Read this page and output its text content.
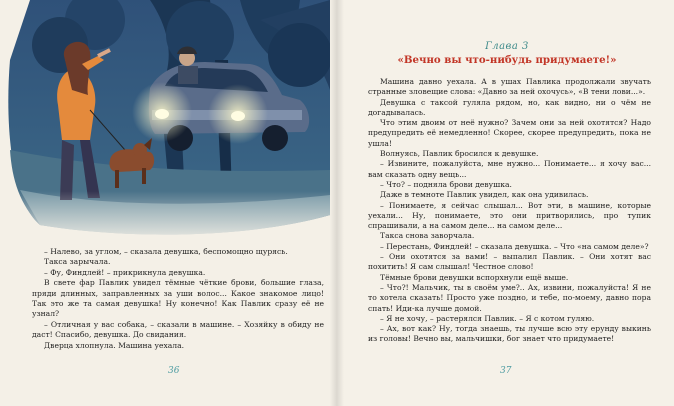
– Налево, за углом, – сказала девушка, беспомощно щурясь.

Такса зарычала.

– Фу, Финдлей! – прикрикнула девушка.

В свете фар Павлик увидел тёмные чёткие брови, большие глаза, пряди длинных, заправленных за уши волос... Какое знакомое лицо! Так это же та самая девушка! Ну конечно! Как Павлик сразу её не узнал?

– Отличная у вас собака, – сказали в машине. – Хозяйку в обиду не даст! Спасибо, девушка. До свидания.

Дверца хлопнула. Машина уехала.

36
Глава 3
«Вечно вы что-нибудь придумаете!»

Машина давно уехала. А в ушах Павлика продолжали звучать странные зловещие слова: «Давно за ней охочусь», «В тени лови...».

Девушка с таксой гуляла рядом, но, как видно, ни о чём не догадывалась.

Что этим двоим от неё нужно? Зачем они за ней охотятся? Надо предупредить её немедленно! Скорее, скорее предупредить, пока не ушла!

Волнуясь, Павлик бросился к девушке.

– Извините, пожалуйста, мне нужно... Понимаете... я хочу вас... вам сказать одну вещь...

– Что? – подняла брови девушка.

Даже в темноте Павлик увидел, как она удивилась.

– Понимаете, я сейчас слышал... Вот эти, в машине, которые уехали... Ну, понимаете, это они притворялись, про тупик спрашивали, а на самом деле... на самом деле...

Такса снова заворчала.

– Перестань, Финдлей! – сказала девушка. – Что «на самом деле»?

– Они охотятся за вами! – выпалил Павлик. – Они хотят вас похитить! Я сам слышал! Честное слово!

Тёмные брови девушки вспорхнули ещё выше.

– Что?! Мальчик, ты в своём уме?.. Ах, извини, пожалуйста! Я не то хотела сказать! Просто уже поздно, и тебе, по-моему, давно пора спать! Иди-ка лучше домой.

– Я не хочу, – растерялся Павлик. – Я с котом гуляю.

– Ах, вот как? Ну, тогда знаешь, ты лучше всю эту ерунду выкинь из головы! Вечно вы, мальчишки, бог знает что придумаете!

37
